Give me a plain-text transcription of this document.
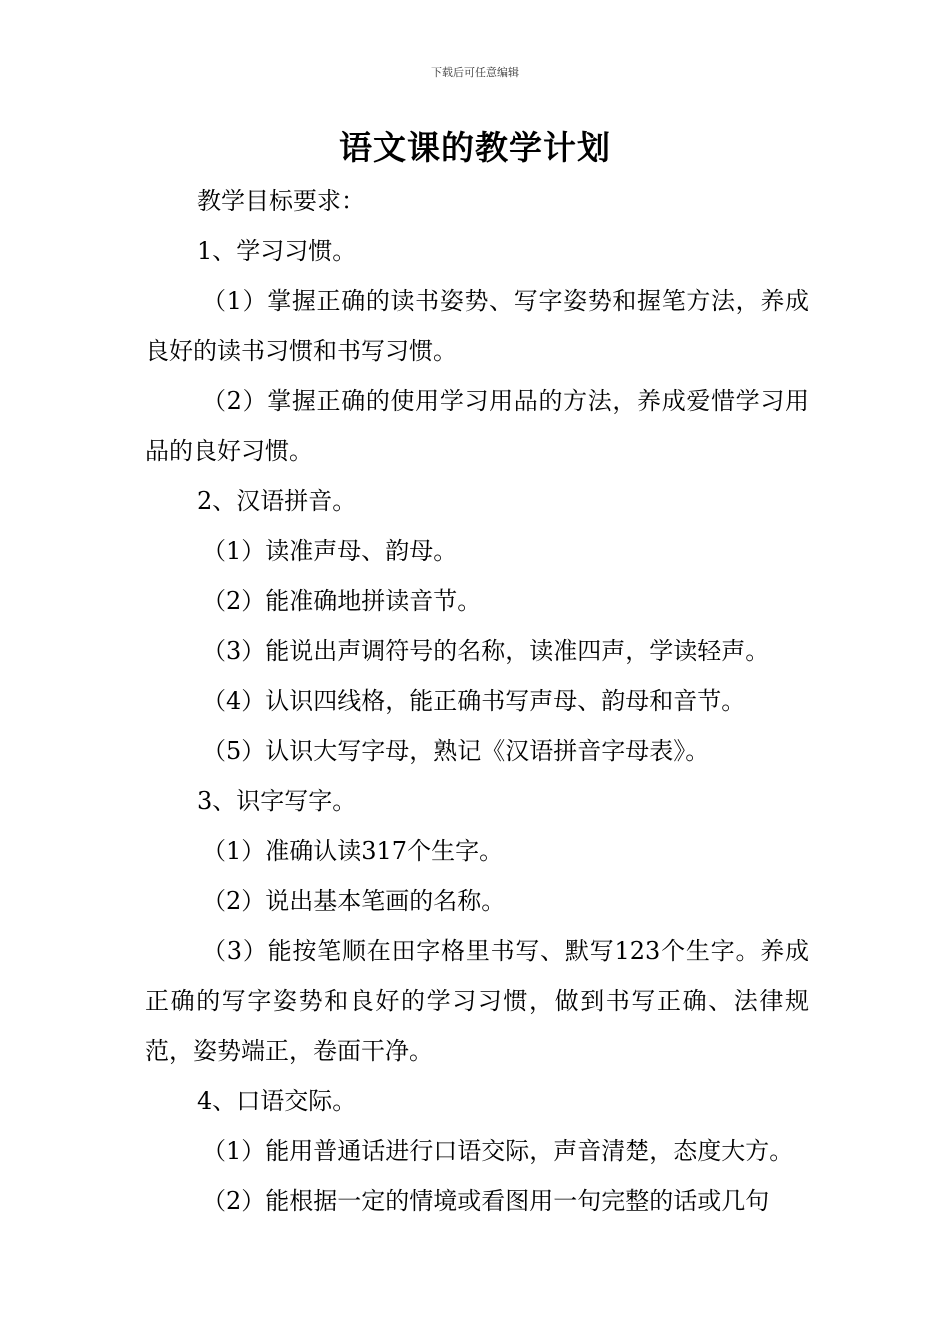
下载后可任意编辑
语文课的教学计划

教学目标要求：

1、学习习惯。

（1）掌握正确的读书姿势、写字姿势和握笔方法，养成良好的读书习惯和书写习惯。

（2）掌握正确的使用学习用品的方法，养成爱惜学习用品的良好习惯。

2、汉语拼音。

（1）读准声母、韵母。

（2）能准确地拼读音节。

（3）能说出声调符号的名称，读准四声，学读轻声。

（4）认识四线格，能正确书写声母、韵母和音节。

（5）认识大写字母，熟记《汉语拼音字母表》。

3、识字写字。

（1）准确认读317个生字。

（2）说出基本笔画的名称。

（3）能按笔顺在田字格里书写、默写123个生字。养成正确的写字姿势和良好的学习习惯，做到书写正确、法律规范，姿势端正，卷面干净。

4、口语交际。

（1）能用普通话进行口语交际，声音清楚，态度大方。

（2）能根据一定的情境或看图用一句完整的话或几句
